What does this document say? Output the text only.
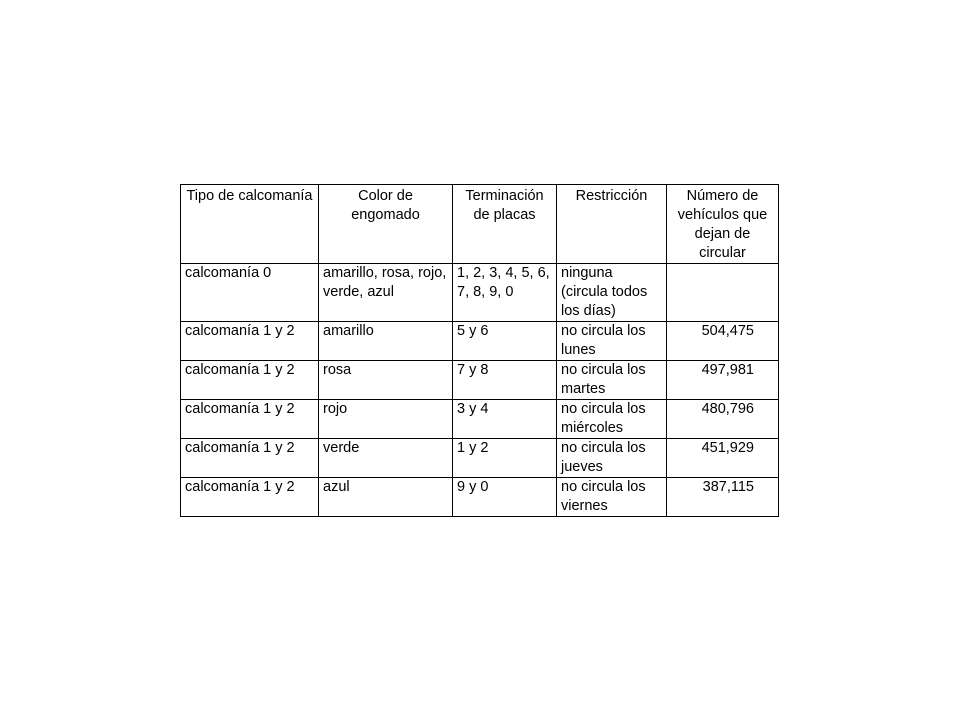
Tipo de calcomanía	Color de engomado	Terminación de placas	Restricción	Número de vehículos que dejan de circular

calcomanía 0	amarillo, rosa, rojo, verde, azul	1, 2, 3, 4, 5, 6, 7, 8, 9, 0	ninguna (circula todos los días)	

calcomanía 1 y 2	amarillo	5 y 6	no circula los lunes	504,475

calcomanía 1 y 2	rosa	7 y 8	no circula los martes	497,981

calcomanía 1 y 2	rojo	3 y 4	no circula los miércoles	480,796

calcomanía 1 y 2	verde	1 y 2	no circula los jueves	451,929

calcomanía 1 y 2	azul	9 y 0	no circula los viernes	387,115
